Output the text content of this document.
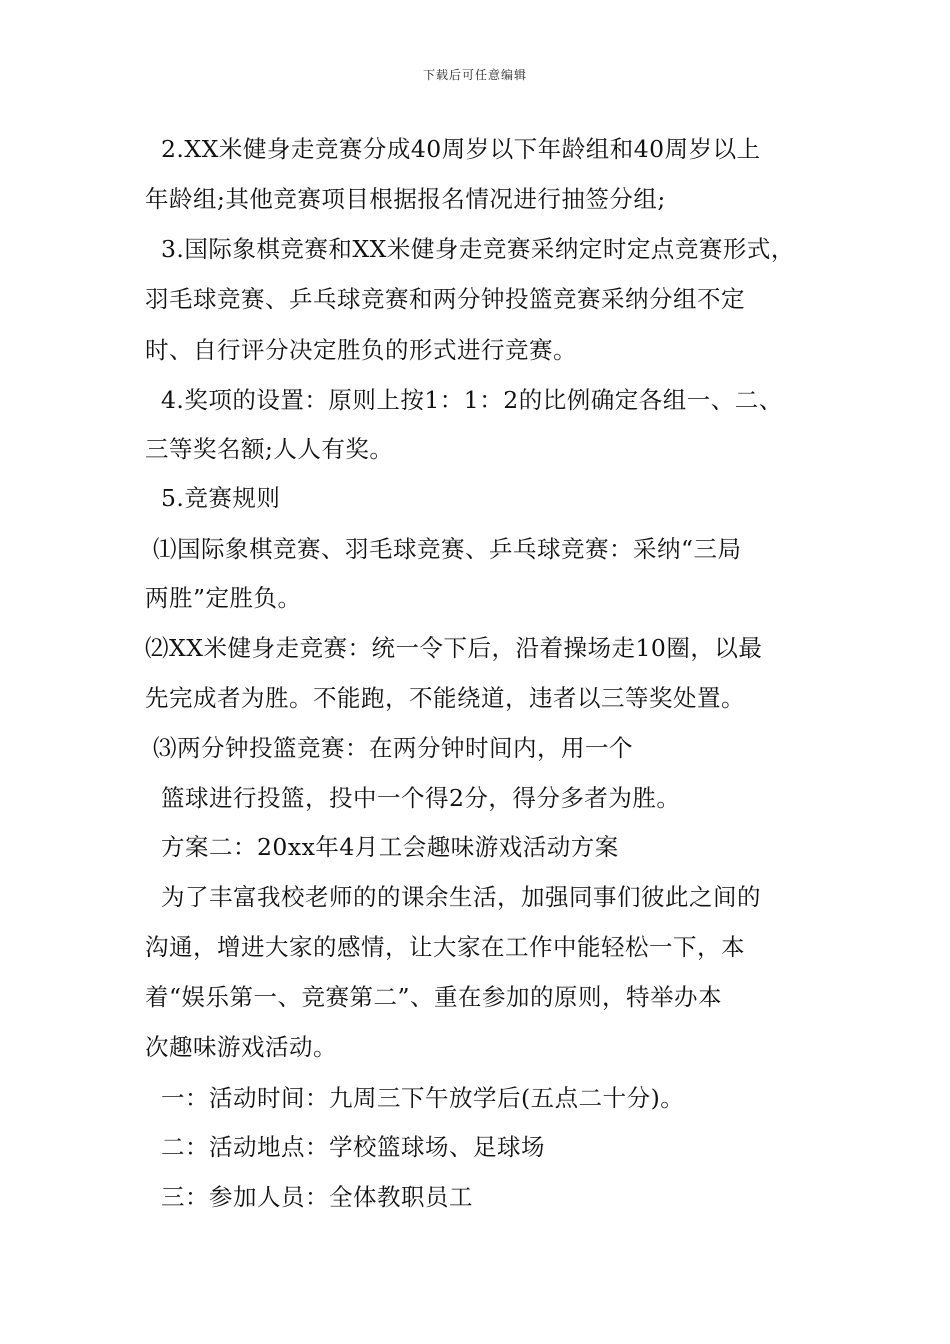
下载后可任意编辑
2.XX米健身走竞赛分成40周岁以下年龄组和40周岁以上
年龄组;其他竞赛项目根据报名情况进行抽签分组;
3.国际象棋竞赛和XX米健身走竞赛采纳定时定点竞赛形式，
羽毛球竞赛、乒乓球竞赛和两分钟投篮竞赛采纳分组不定
时、自行评分决定胜负的形式进行竞赛。
4.奖项的设置：原则上按1：1：2的比例确定各组一、二、
三等奖名额;人人有奖。
5.竞赛规则
⑴国际象棋竞赛、羽毛球竞赛、乒乓球竞赛：采纳“三局
两胜”定胜负。
⑵XX米健身走竞赛：统一令下后，沿着操场走10圈，以最
先完成者为胜。不能跑，不能绕道，违者以三等奖处置。
⑶两分钟投篮竞赛：在两分钟时间内，用一个
篮球进行投篮，投中一个得2分，得分多者为胜。
方案二：20xx年4月工会趣味游戏活动方案
为了丰富我校老师的的课余生活，加强同事们彼此之间的
沟通，增进大家的感情，让大家在工作中能轻松一下，本
着“娱乐第一、竞赛第二”、重在参加的原则，特举办本
次趣味游戏活动。
一：活动时间：九周三下午放学后(五点二十分)。
二：活动地点：学校篮球场、足球场
三：参加人员：全体教职员工
